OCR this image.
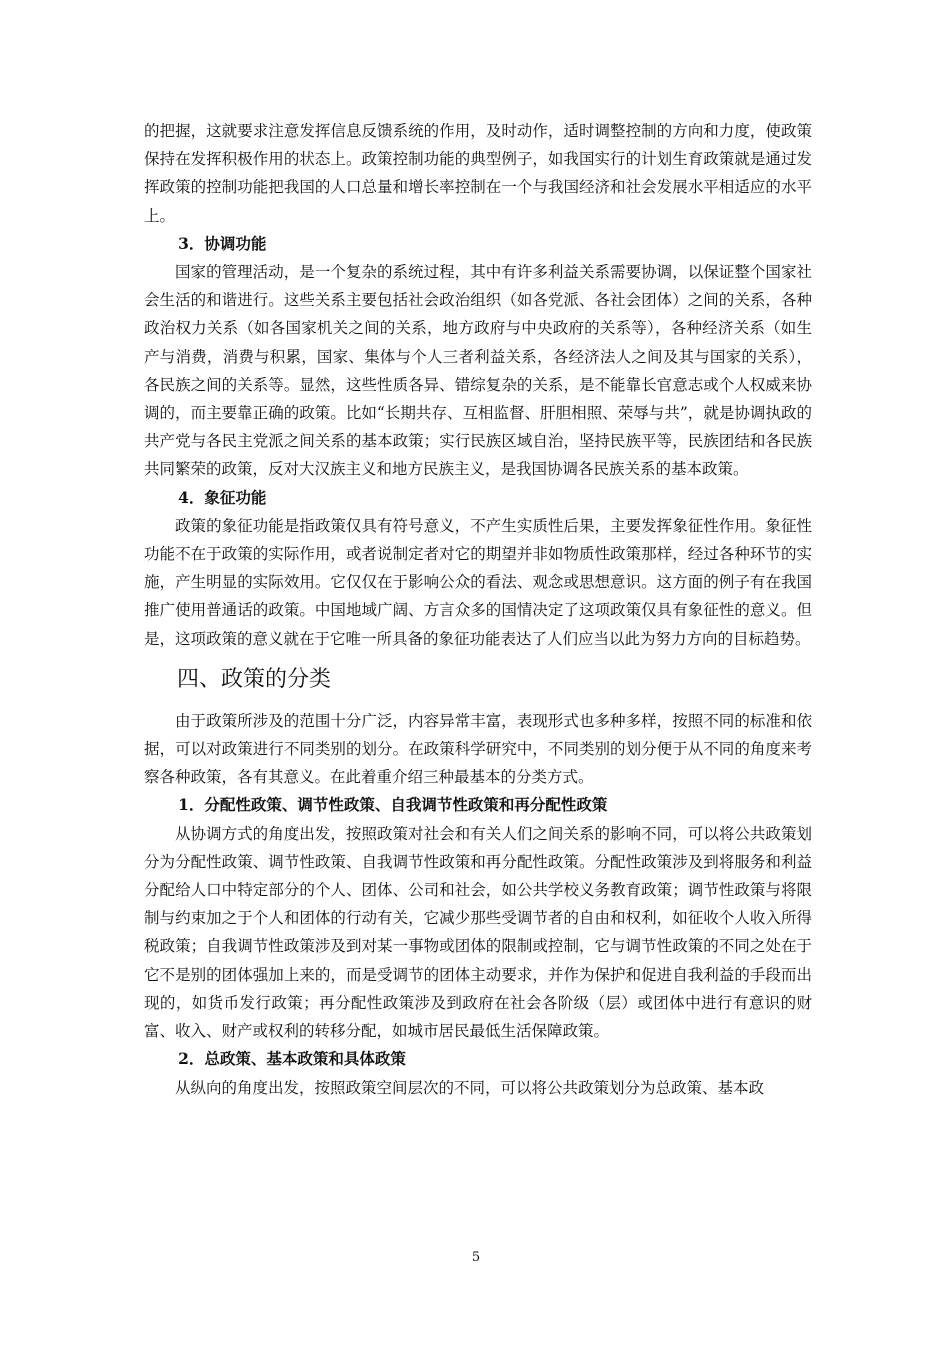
的把握，这就要求注意发挥信息反馈系统的作用，及时动作，适时调整控制的方向和力度，使政策保持在发挥积极作用的状态上。政策控制功能的典型例子，如我国实行的计划生育政策就是通过发挥政策的控制功能把我国的人口总量和增长率控制在一个与我国经济和社会发展水平相适应的水平上。

3．协调功能

国家的管理活动，是一个复杂的系统过程，其中有许多利益关系需要协调，以保证整个国家社会生活的和谐进行。这些关系主要包括社会政治组织（如各党派、各社会团体）之间的关系，各种政治权力关系（如各国家机关之间的关系，地方政府与中央政府的关系等），各种经济关系（如生产与消费，消费与积累，国家、集体与个人三者利益关系，各经济法人之间及其与国家的关系），各民族之间的关系等。显然，这些性质各异、错综复杂的关系，是不能靠长官意志或个人权威来协调的，而主要靠正确的政策。比如“长期共存、互相监督、肝胆相照、荣辱与共”，就是协调执政的共产党与各民主党派之间关系的基本政策；实行民族区域自治，坚持民族平等，民族团结和各民族共同繁荣的政策，反对大汉族主义和地方民族主义，是我国协调各民族关系的基本政策。

4．象征功能

政策的象征功能是指政策仅具有符号意义，不产生实质性后果，主要发挥象征性作用。象征性功能不在于政策的实际作用，或者说制定者对它的期望并非如物质性政策那样，经过各种环节的实施，产生明显的实际效用。它仅仅在于影响公众的看法、观念或思想意识。这方面的例子有在我国推广使用普通话的政策。中国地域广阔、方言众多的国情决定了这项政策仅具有象征性的意义。但是，这项政策的意义就在于它唯一所具备的象征功能表达了人们应当以此为努力方向的目标趋势。

四、政策的分类

由于政策所涉及的范围十分广泛，内容异常丰富，表现形式也多种多样，按照不同的标准和依据，可以对政策进行不同类别的划分。在政策科学研究中，不同类别的划分便于从不同的角度来考察各种政策，各有其意义。在此着重介绍三种最基本的分类方式。

1．分配性政策、调节性政策、自我调节性政策和再分配性政策

从协调方式的角度出发，按照政策对社会和有关人们之间关系的影响不同，可以将公共政策划分为分配性政策、调节性政策、自我调节性政策和再分配性政策。分配性政策涉及到将服务和利益分配给人口中特定部分的个人、团体、公司和社会，如公共学校义务教育政策；调节性政策与将限制与约束加之于个人和团体的行动有关，它减少那些受调节者的自由和权利，如征收个人收入所得税政策；自我调节性政策涉及到对某一事物或团体的限制或控制，它与调节性政策的不同之处在于它不是别的团体强加上来的，而是受调节的团体主动要求，并作为保护和促进自我利益的手段而出现的，如货币发行政策；再分配性政策涉及到政府在社会各阶级（层）或团体中进行有意识的财富、收入、财产或权利的转移分配，如城市居民最低生活保障政策。

2．总政策、基本政策和具体政策

从纵向的角度出发，按照政策空间层次的不同，可以将公共政策划分为总政策、基本政

5
